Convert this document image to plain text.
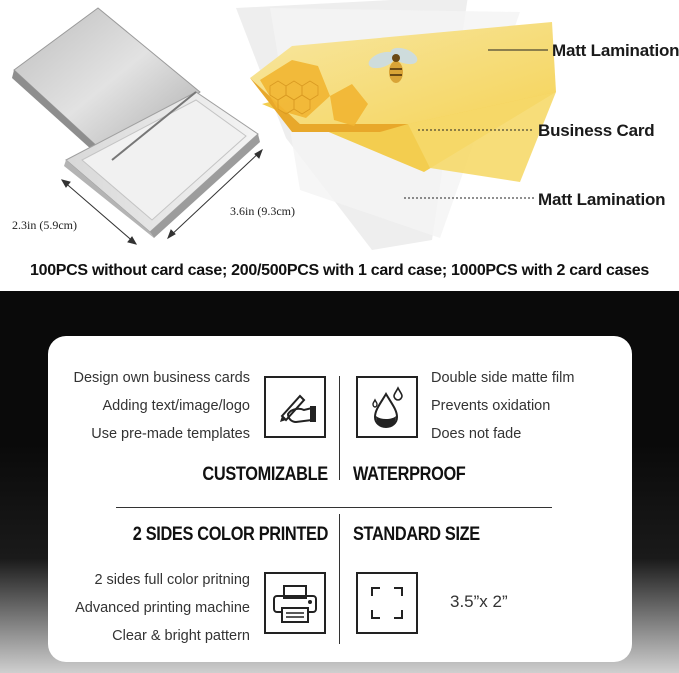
Matt Lamination
Business Card
Matt Lamination
2.3in (5.9cm)
3.6in (9.3cm)
100PCS without card case; 200/500PCS with 1 card case; 1000PCS with 2 card cases
Design own business cards
Adding text/image/logo
Use pre-made templates
CUSTOMIZABLE
Double side matte film
Prevents oxidation
Does not fade
WATERPROOF
2 SIDES COLOR PRINTED
2 sides full color pritning
Advanced printing machine
Clear & bright pattern
STANDARD SIZE
3.5”x 2”
